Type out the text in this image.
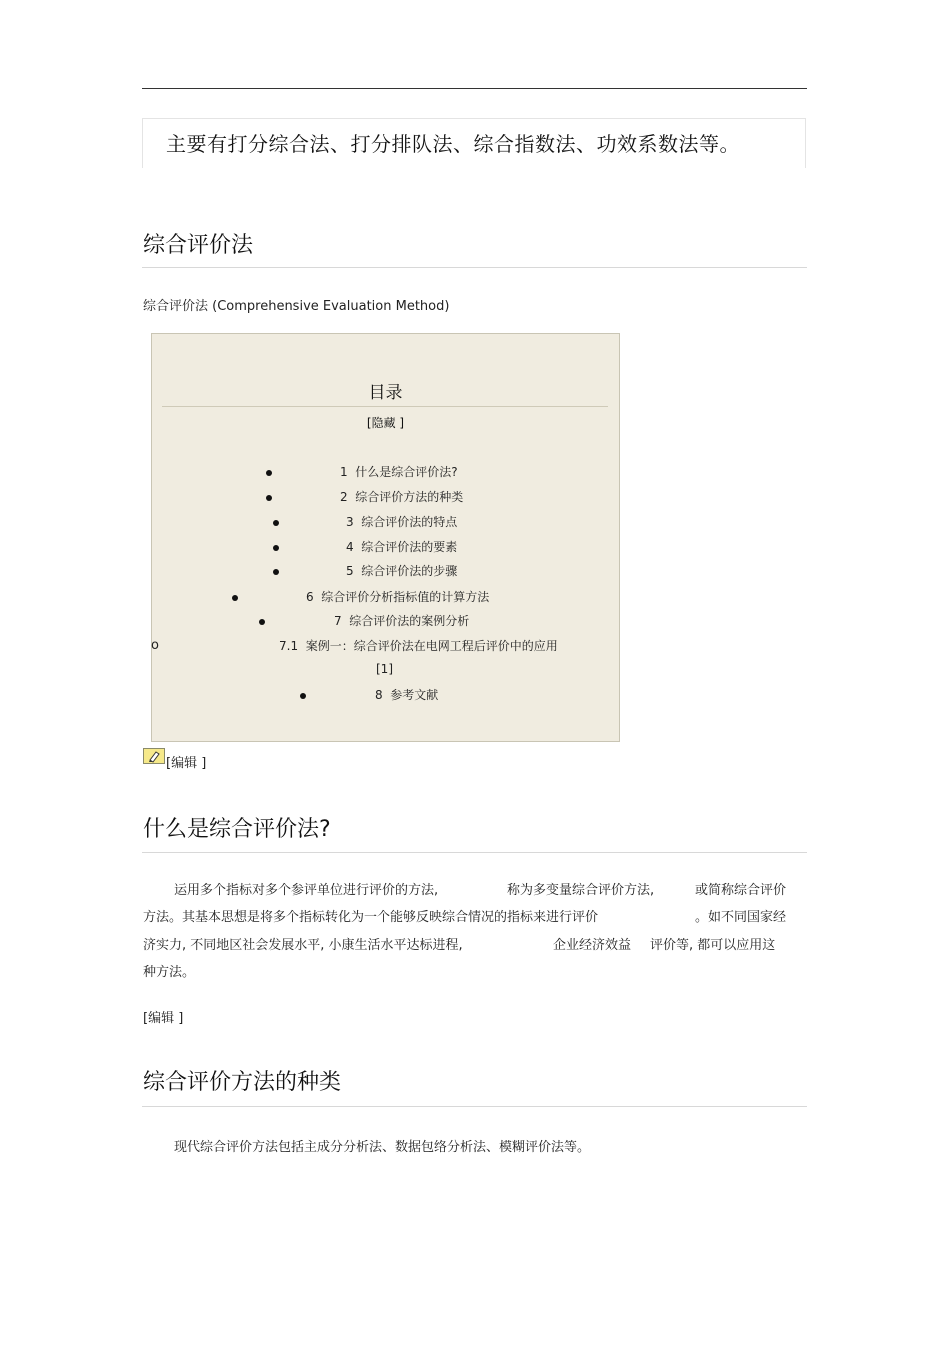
主要有打分综合法、打分排队法、综合指数法、功效系数法等。
综合评价法
综合评价法 (Comprehensive Evaluation Method)
目录
[隐藏 ]
1 什么是综合评价法?
2 综合评价方法的种类
3 综合评价法的特点
4 综合评价法的要素
5 综合评价法的步骤
6 综合评价分析指标值的计算方法
7 综合评价法的案例分析
o	7.1 案例一：综合评价法在电网工程后评价中的应用
[1]
8 参考文献
[编辑 ]
什么是综合评价法?
运用多个指标对多个参评单位进行评价的方法,	称为多变量综合评价方法,	或简称综合评价
方法。其基本思想是将多个指标转化为一个能够反映综合情况的指标来进行评价	。如不同国家经
济实力, 不同地区社会发展水平, 小康生活水平达标进程,	企业经济效益 评价等, 都可以应用这
种方法。
[编辑 ]
综合评价方法的种类
现代综合评价方法包括主成分分析法、数据包络分析法、模糊评价法等。
